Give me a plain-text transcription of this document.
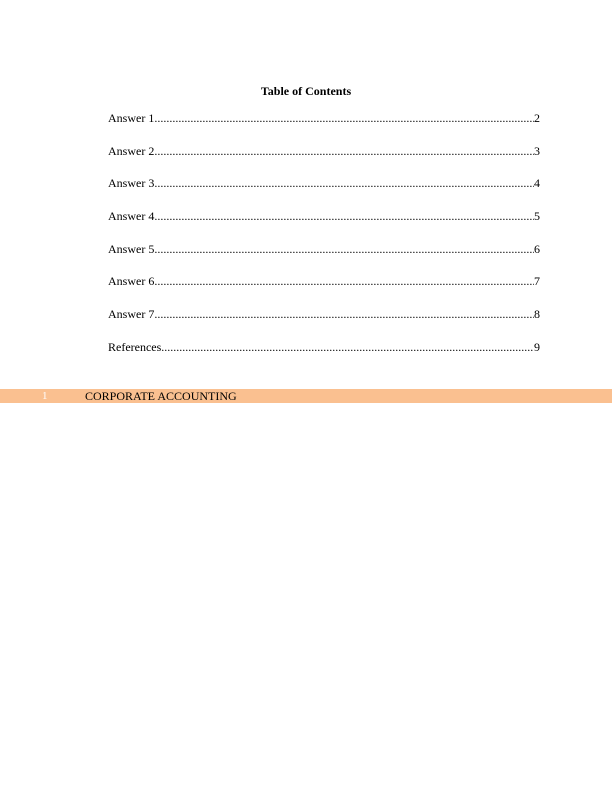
Table of Contents
Answer 1 .....	2
Answer 2 .....	3
Answer 3 .....	4
Answer 4 .....	5
Answer 5 .....	6
Answer 6 .....	7
Answer 7 .....	8
References .....	9
1	CORPORATE ACCOUNTING
